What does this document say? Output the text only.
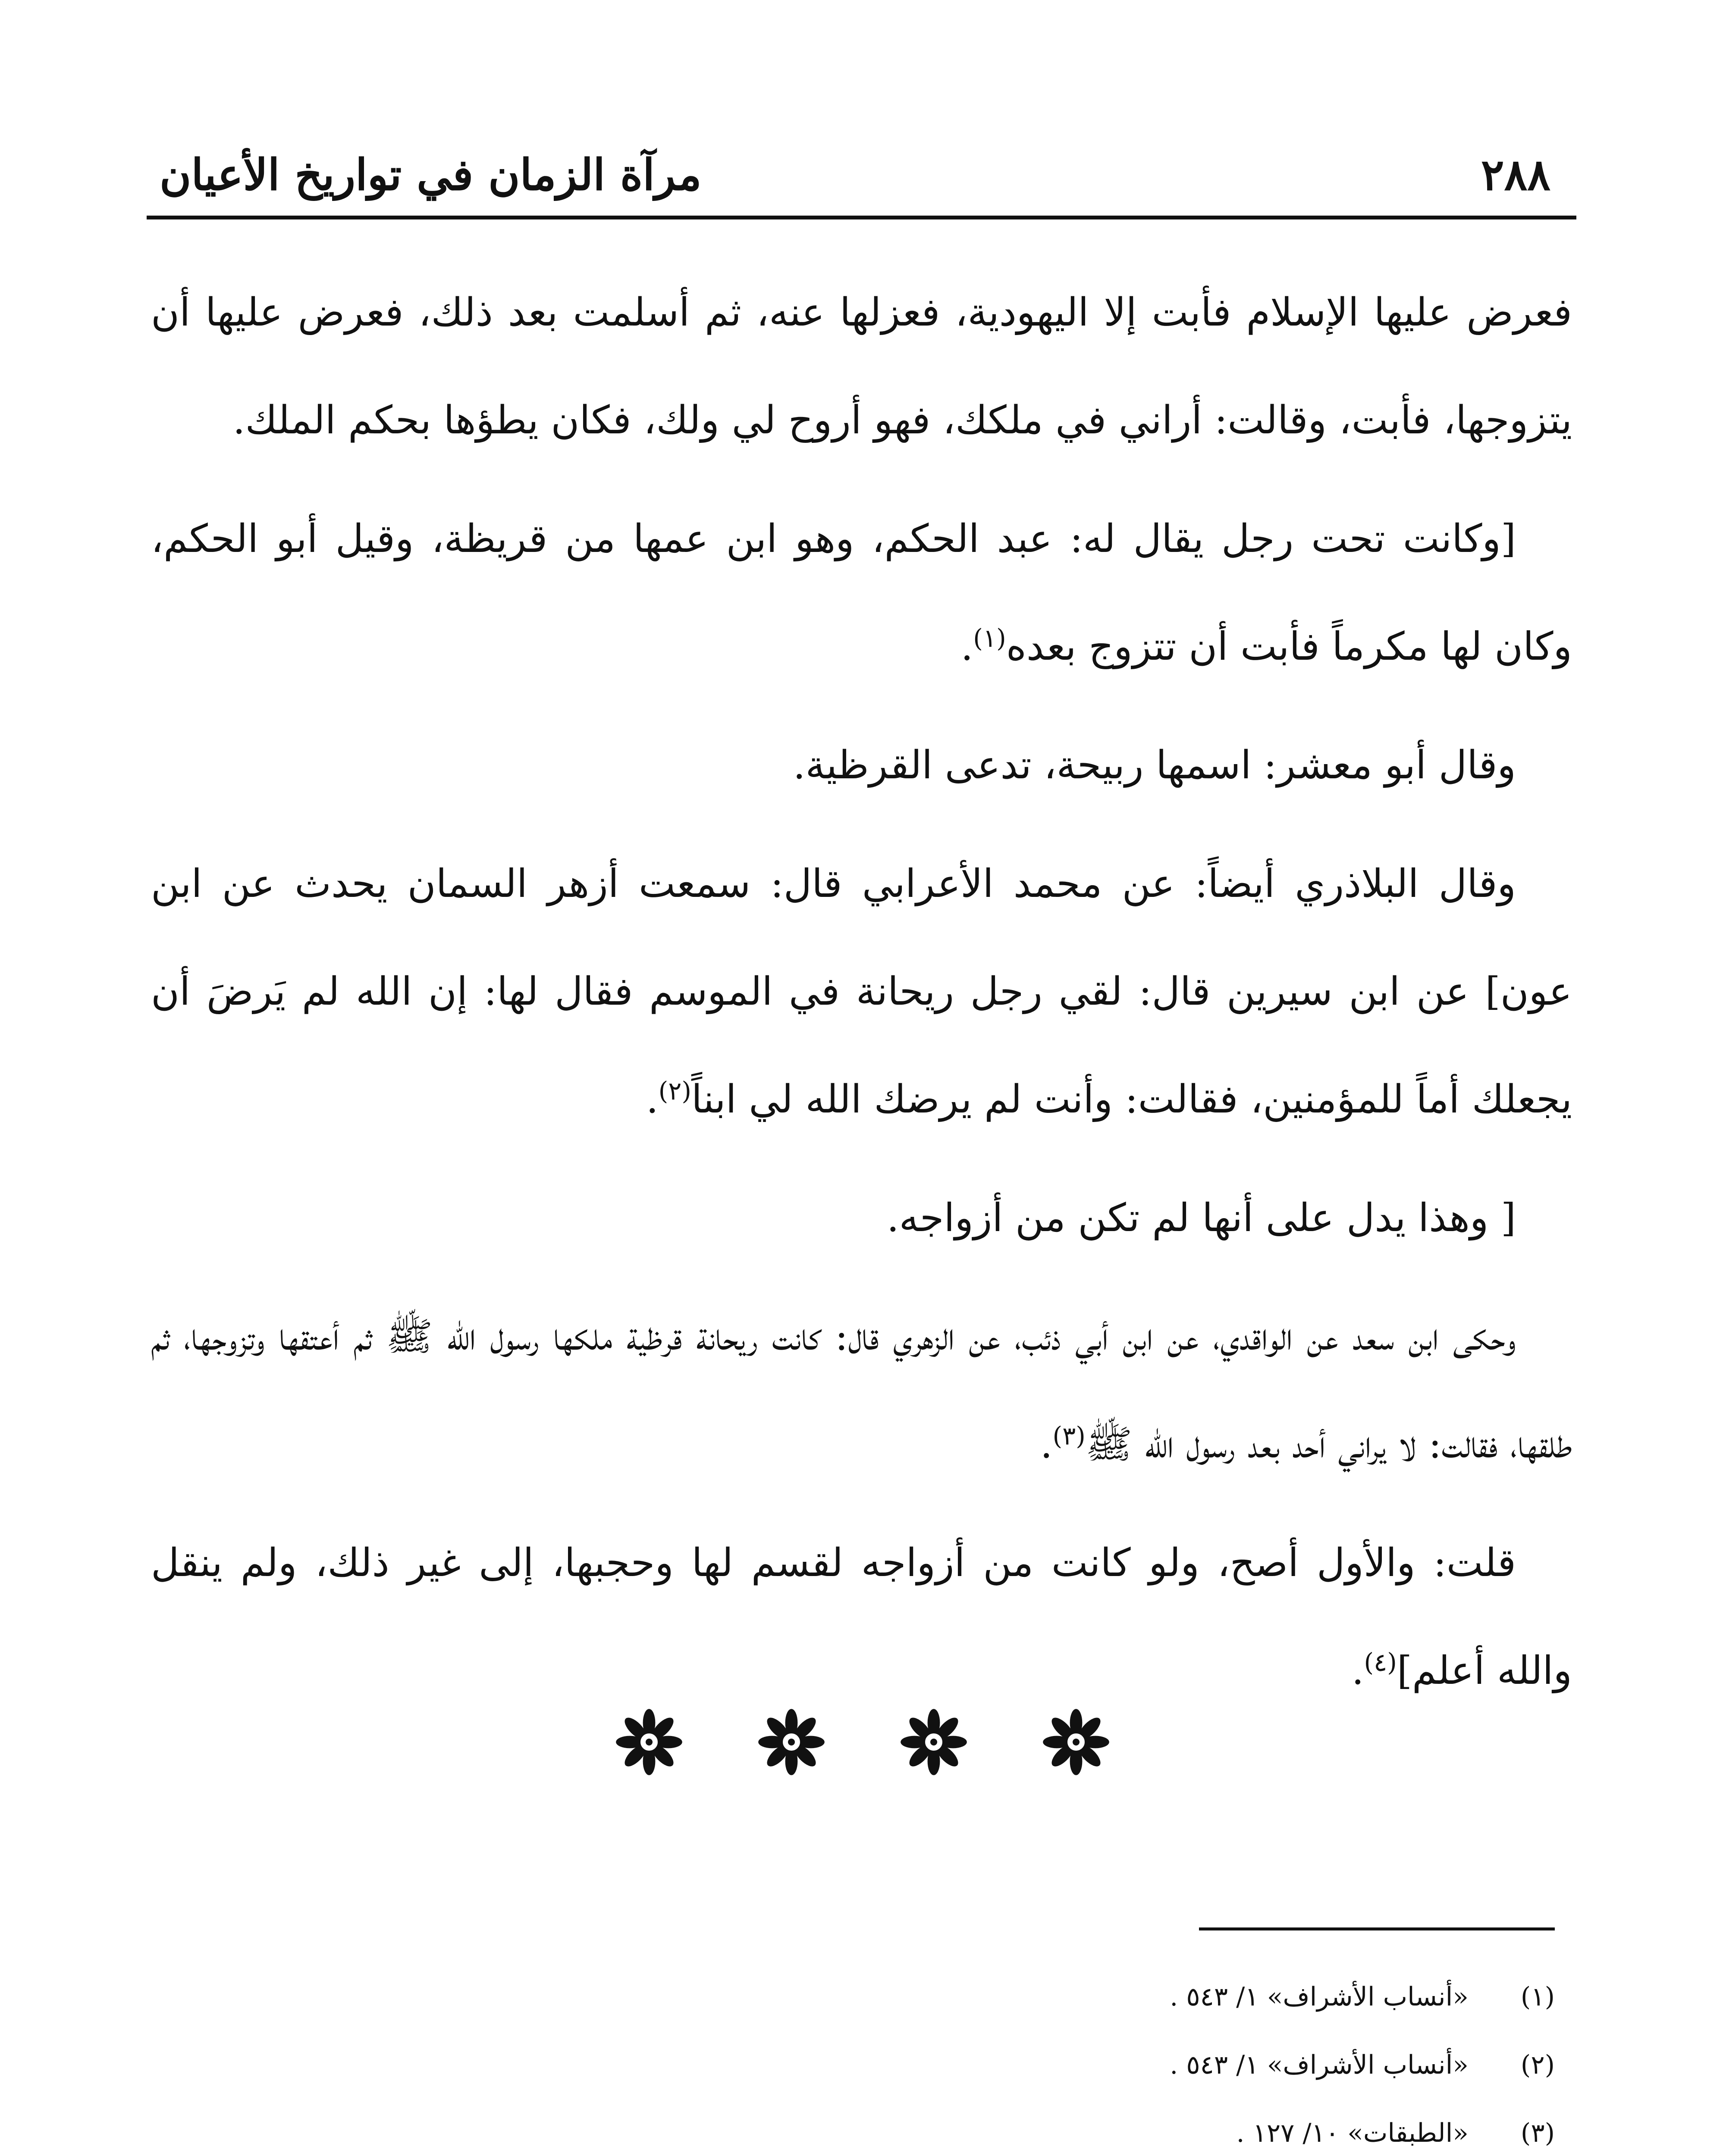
٢٨٨
مرآة الزمان في تواريخ الأعيان

فعرض عليها الإسلام فأبت إلا اليهودية، فعزلها عنه، ثم أسلمت بعد ذلك، فعرض عليها أن يتزوجها، فأبت، وقالت: أراني في ملكك، فهو أروح لي ولك، فكان يطؤها بحكم الملك.

[وكانت تحت رجل يقال له: عبد الحكم، وهو ابن عمها من قريظة، وقيل أبو الحكم، وكان لها مكرماً فأبت أن تتزوج بعده$^{(١)}$.

وقال أبو معشر: اسمها ربيحة، تدعى القرظية.

وقال البلاذري أيضاً: عن محمد الأعرابي قال: سمعت أزهر السمان يحدث عن ابن عون] عن ابن سيرين قال: لقي رجل ريحانة في الموسم فقال لها: إن الله لم يَرضَ أن يجعلك أماً للمؤمنين، فقالت: وأنت لم يرضك الله لي ابناً$^{(٢)}$.

[ وهذا يدل على أنها لم تكن من أزواجه.

وحكى ابن سعد عن الواقدي، عن ابن أبي ذئب، عن الزهري قال: كانت ريحانة قرظية ملكها رسول الله ﷺ ثم أعتقها وتزوجها، ثم طلقها، فقالت: لا يراني أحد بعد رسول الله ﷺ$^{(٣)}$.

قلت: والأول أصح، ولو كانت من أزواجه لقسم لها وحجبها، إلى غير ذلك، ولم ينقل والله أعلم]$^{(٤)}$.

(١)
«أنساب الأشراف» ١/ ٥٤٣ .
(٢)
«أنساب الأشراف» ١/ ٥٤٣ .
(٣)
«الطبقات» ١٠/ ١٢٧ .
